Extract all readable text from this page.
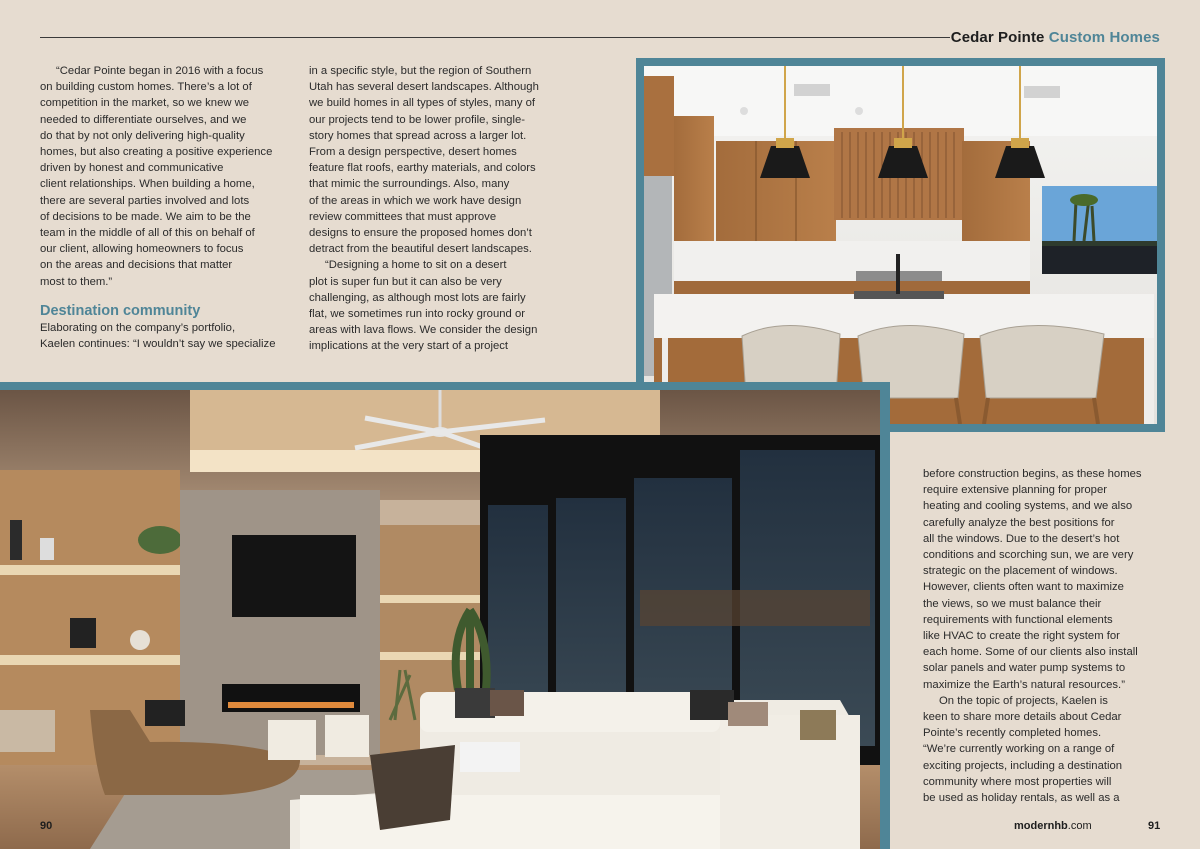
Cedar Pointe Custom Homes
“Cedar Pointe began in 2016 with a focus
on building custom homes. There’s a lot of
competition in the market, so we knew we
needed to differentiate ourselves, and we
do that by not only delivering high-quality
homes, but also creating a positive experience
driven by honest and communicative
client relationships. When building a home,
there are several parties involved and lots
of decisions to be made. We aim to be the
team in the middle of all of this on behalf of
our client, allowing homeowners to focus
on the areas and decisions that matter
most to them.”
Destination community
Elaborating on the company’s portfolio,
Kaelen continues: “I wouldn’t say we specialize
in a specific style, but the region of Southern
Utah has several desert landscapes. Although
we build homes in all types of styles, many of
our projects tend to be lower profile, single-
story homes that spread across a larger lot.
From a design perspective, desert homes
feature flat roofs, earthy materials, and colors
that mimic the surroundings. Also, many
of the areas in which we work have design
review committees that must approve
designs to ensure the proposed homes don’t
detract from the beautiful desert landscapes.
“Designing a home to sit on a desert
plot is super fun but it can also be very
challenging, as although most lots are fairly
flat, we sometimes run into rocky ground or
areas with lava flows. We consider the design
implications at the very start of a project
before construction begins, as these homes
require extensive planning for proper
heating and cooling systems, and we also
carefully analyze the best positions for
all the windows. Due to the desert’s hot
conditions and scorching sun, we are very
strategic on the placement of windows.
However, clients often want to maximize
the views, so we must balance their
requirements with functional elements
like HVAC to create the right system for
each home. Some of our clients also install
solar panels and water pump systems to
maximize the Earth’s natural resources.”
On the topic of projects, Kaelen is
keen to share more details about Cedar
Pointe’s recently completed homes.
“We’re currently working on a range of
exciting projects, including a destination
community where most properties will
be used as holiday rentals, as well as a
90	modernhb.com	91
